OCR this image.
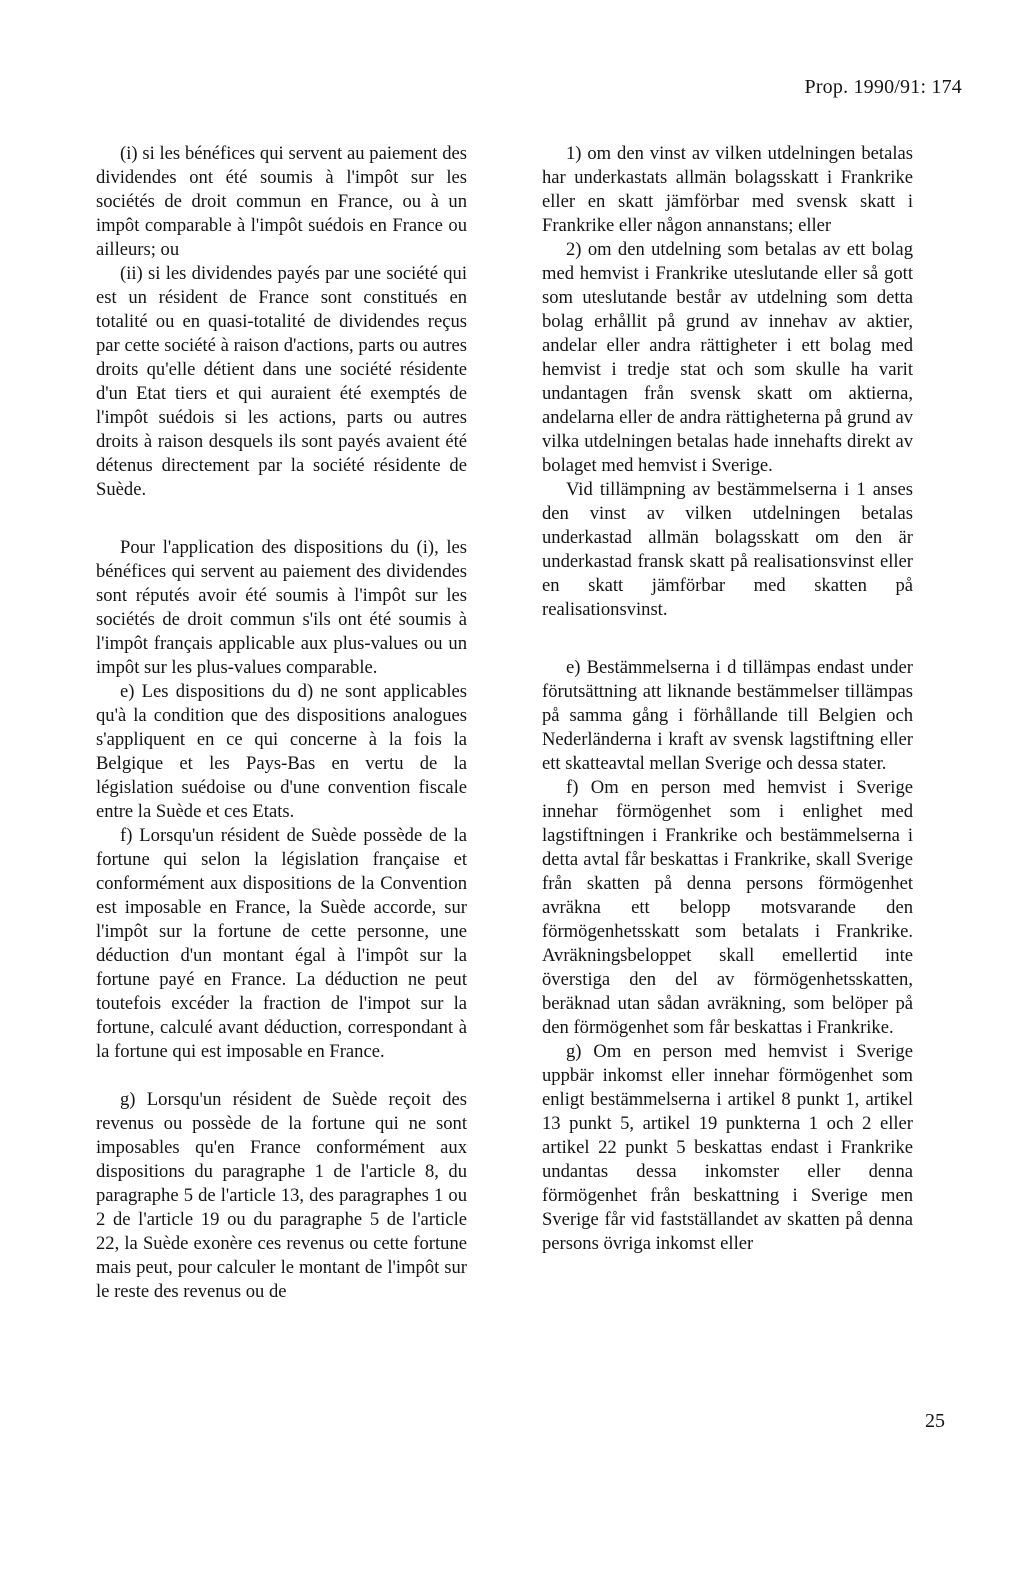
Prop. 1990/91: 174

(i) si les bénéfices qui servent au paiement des dividendes ont été soumis à l'impôt sur les sociétés de droit commun en France, ou à un impôt comparable à l'impôt suédois en France ou ailleurs; ou

(ii) si les dividendes payés par une société qui est un résident de France sont constitués en totalité ou en quasi-totalité de dividendes reçus par cette société à raison d'actions, parts ou autres droits qu'elle détient dans une société résidente d'un Etat tiers et qui auraient été exemptés de l'impôt suédois si les actions, parts ou autres droits à raison desquels ils sont payés avaient été détenus directement par la société résidente de Suède.

Pour l'application des dispositions du (i), les bénéfices qui servent au paiement des dividendes sont réputés avoir été soumis à l'impôt sur les sociétés de droit commun s'ils ont été soumis à l'impôt français applicable aux plus-values ou un impôt sur les plus-values comparable.

e) Les dispositions du d) ne sont applicables qu'à la condition que des dispositions analogues s'appliquent en ce qui concerne à la fois la Belgique et les Pays-Bas en vertu de la législation suédoise ou d'une convention fiscale entre la Suède et ces Etats.

f) Lorsqu'un résident de Suède possède de la fortune qui selon la législation française et conformément aux dispositions de la Convention est imposable en France, la Suède accorde, sur l'impôt sur la fortune de cette personne, une déduction d'un montant égal à l'impôt sur la fortune payé en France. La déduction ne peut toutefois excéder la fraction de l'impot sur la fortune, calculé avant déduction, correspondant à la fortune qui est imposable en France.

g) Lorsqu'un résident de Suède reçoit des revenus ou possède de la fortune qui ne sont imposables qu'en France conformément aux dispositions du paragraphe 1 de l'article 8, du paragraphe 5 de l'article 13, des paragraphes 1 ou 2 de l'article 19 ou du paragraphe 5 de l'article 22, la Suède exonère ces revenus ou cette fortune mais peut, pour calculer le montant de l'impôt sur le reste des revenus ou de

1) om den vinst av vilken utdelningen betalas har underkastats allmän bolagsskatt i Frankrike eller en skatt jämförbar med svensk skatt i Frankrike eller någon annanstans; eller

2) om den utdelning som betalas av ett bolag med hemvist i Frankrike uteslutande eller så gott som uteslutande består av utdelning som detta bolag erhållit på grund av innehav av aktier, andelar eller andra rättigheter i ett bolag med hemvist i tredje stat och som skulle ha varit undantagen från svensk skatt om aktierna, andelarna eller de andra rättigheterna på grund av vilka utdelningen betalas hade innehafts direkt av bolaget med hemvist i Sverige.

Vid tillämpning av bestämmelserna i 1 anses den vinst av vilken utdelningen betalas underkastad allmän bolagsskatt om den är underkastad fransk skatt på realisationsvinst eller en skatt jämförbar med skatten på realisationsvinst.

e) Bestämmelserna i d tillämpas endast under förutsättning att liknande bestämmelser tillämpas på samma gång i förhållande till Belgien och Nederländerna i kraft av svensk lagstiftning eller ett skatteavtal mellan Sverige och dessa stater.

f) Om en person med hemvist i Sverige innehar förmögenhet som i enlighet med lagstiftningen i Frankrike och bestämmelserna i detta avtal får beskattas i Frankrike, skall Sverige från skatten på denna persons förmögenhet avräkna ett belopp motsvarande den förmögenhetsskatt som betalats i Frankrike. Avräkningsbeloppet skall emellertid inte överstiga den del av förmögenhetsskatten, beräknad utan sådan avräkning, som belöper på den förmögenhet som får beskattas i Frankrike.

g) Om en person med hemvist i Sverige uppbär inkomst eller innehar förmögenhet som enligt bestämmelserna i artikel 8 punkt 1, artikel 13 punkt 5, artikel 19 punkterna 1 och 2 eller artikel 22 punkt 5 beskattas endast i Frankrike undantas dessa inkomster eller denna förmögenhet från beskattning i Sverige men Sverige får vid fastställandet av skatten på denna persons övriga inkomst eller

25
